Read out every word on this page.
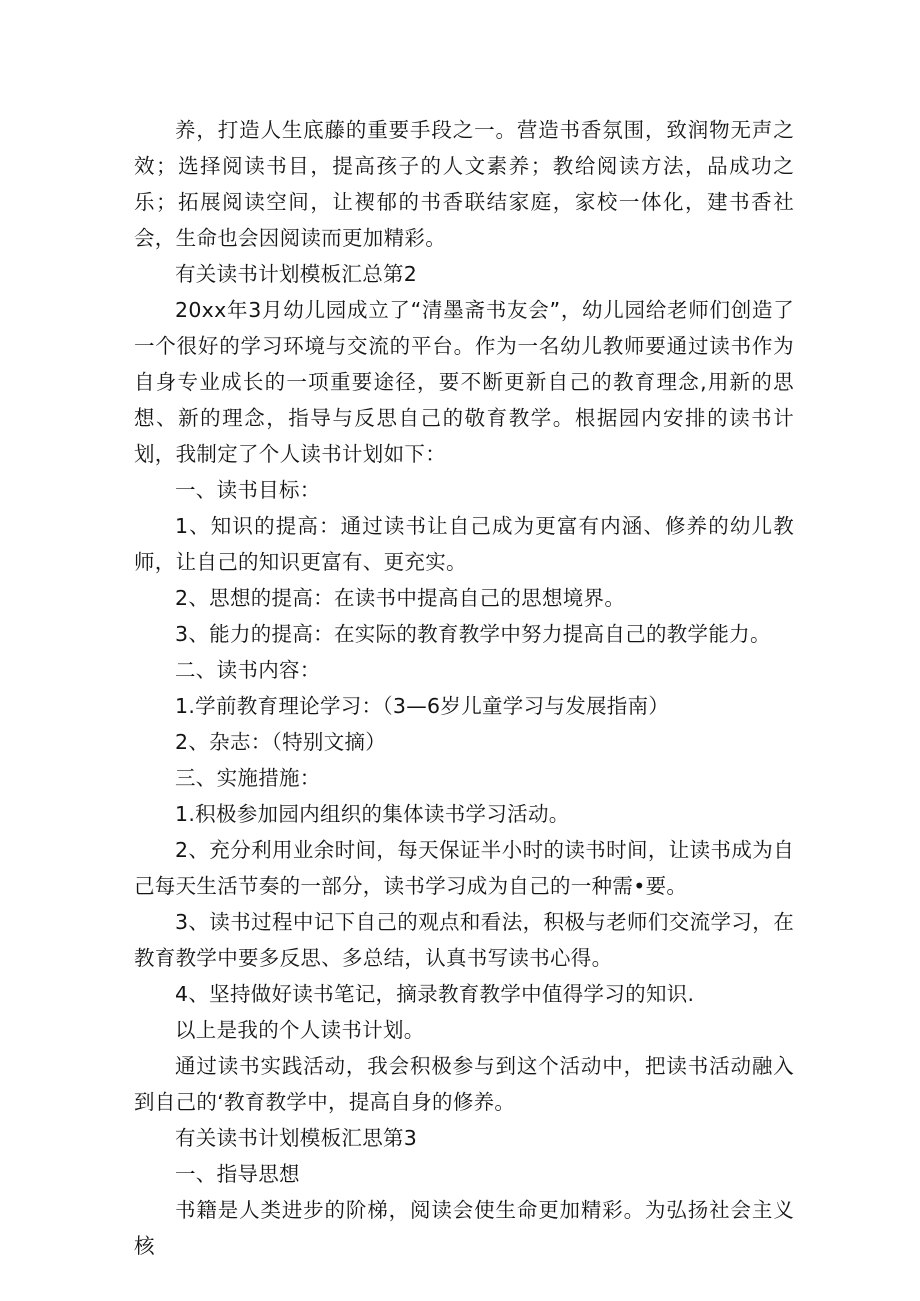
养，打造人生底藤的重要手段之一。营造书香氛围，致润物无声之效；选择阅读书目，提高孩子的人文素养；教给阅读方法，品成功之乐；拓展阅读空间，让褉郁的书香联结家庭，家校一体化，建书香社会，生命也会因阅读而更加精彩。

有关读书计划模板汇总第2

20xx年3月幼儿园成立了“清墨斋书友会”，幼儿园给老师们创造了一个很好的学习环境与交流的平台。作为一名幼儿教师要通过读书作为自身专业成长的一项重要途径，要不断更新自己的教育理念,用新的思想、新的理念，指导与反思自己的敬育教学。根据园内安排的读书计划，我制定了个人读书计划如下：

一、读书目标：

1、知识的提高：通过读书让自己成为更富有内涵、修养的幼儿教师，让自己的知识更富有、更充实。

2、思想的提高：在读书中提高自己的思想境界。

3、能力的提高：在实际的教育教学中努力提高自己的教学能力。

二、读书内容：

1.学前教育理论学习：（3—6岁儿童学习与发展指南）

2、杂志：（特别文摘）

三、实施措施：

1.积极参加园内组织的集体读书学习活动。

2、充分利用业余时间，每天保证半小时的读书时间，让读书成为自己每天生活节奏的一部分，读书学习成为自己的一种需•要。

3、读书过程中记下自己的观点和看法，积极与老师们交流学习，在教育教学中要多反思、多总结，认真书写读书心得。

4、坚持做好读书笔记，摘录教育教学中值得学习的知识.

以上是我的个人读书计划。

通过读书实践活动，我会积极参与到这个活动中，把读书活动融入到自己的‘教育教学中，提高自身的修养。

有关读书计划模板汇思第3

一、指导思想

书籍是人类进步的阶梯，阅读会使生命更加精彩。为弘扬社会主义核
